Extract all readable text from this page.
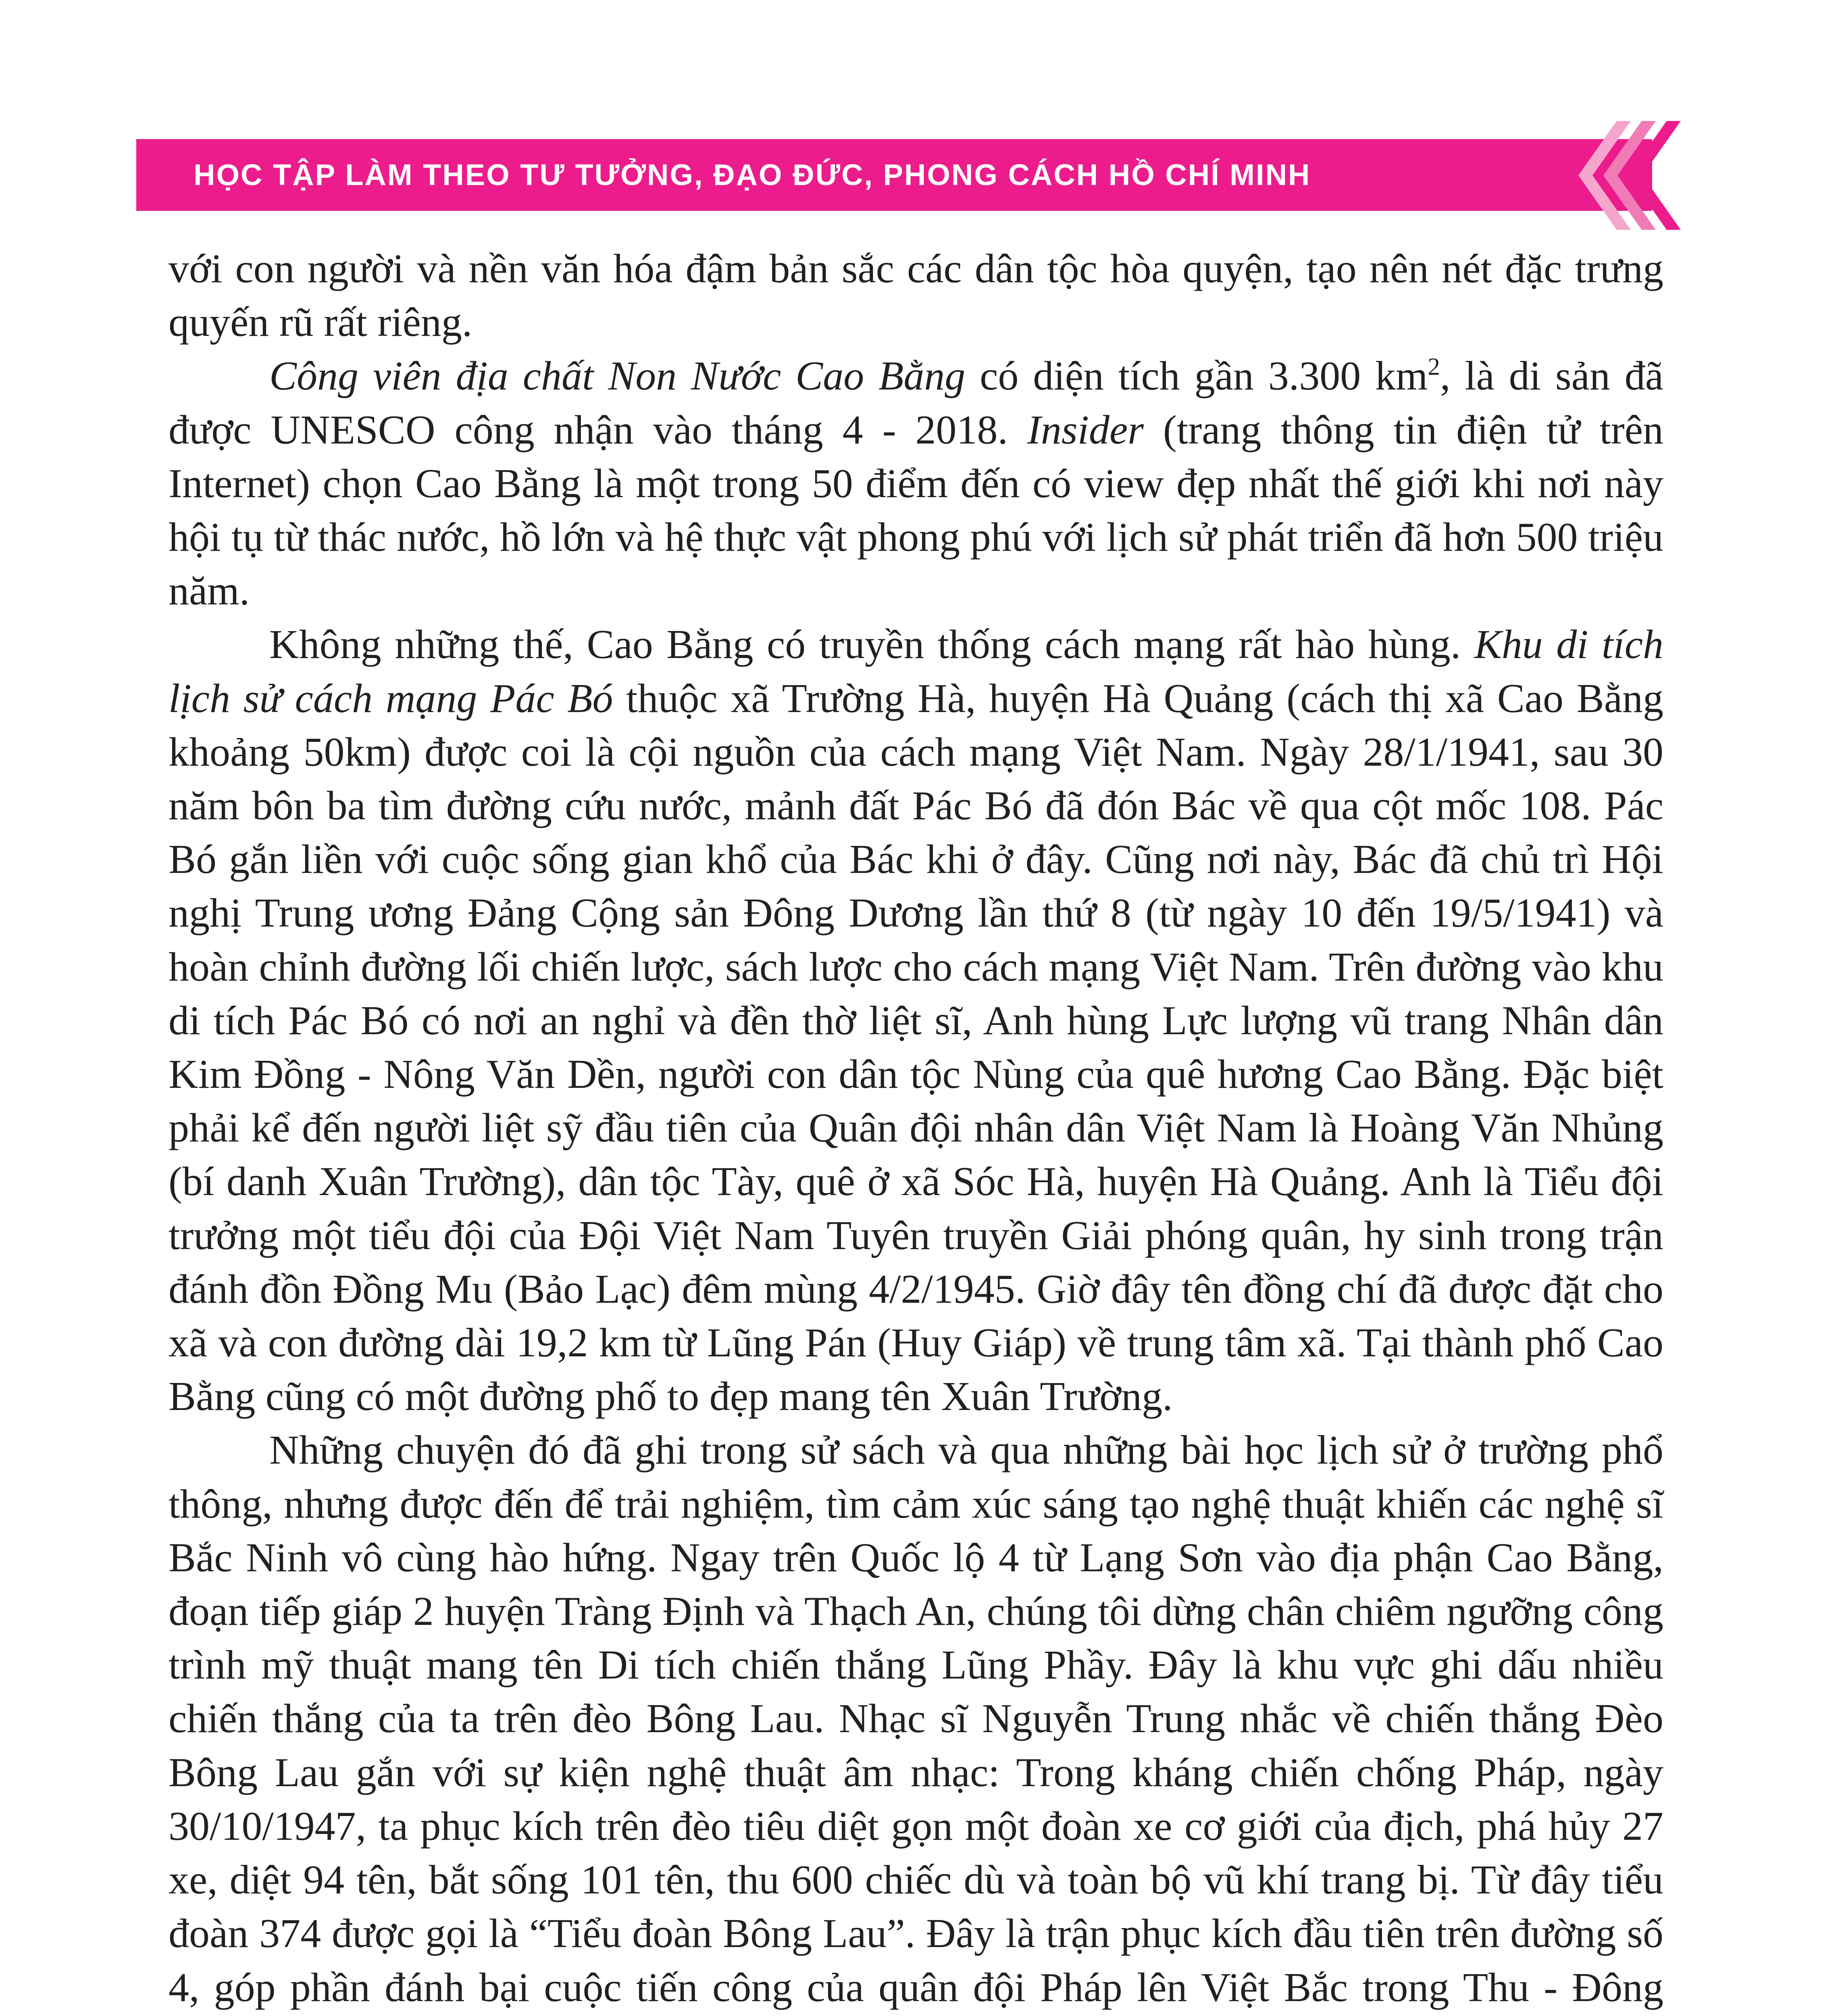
HỌC TẬP LÀM THEO TƯ TƯỞNG, ĐẠO ĐỨC, PHONG CÁCH HỒ CHÍ MINH

với con người và nền văn hóa đậm bản sắc các dân tộc hòa quyện, tạo nên nét đặc trưng quyến rũ rất riêng.

Công viên địa chất Non Nước Cao Bằng có diện tích gần 3.300 $km^2$, là di sản đã được UNESCO công nhận vào tháng 4 - 2018. Insider (trang thông tin điện tử trên Internet) chọn Cao Bằng là một trong 50 điểm đến có view đẹp nhất thế giới khi nơi này hội tụ từ thác nước, hồ lớn và hệ thực vật phong phú với lịch sử phát triển đã hơn 500 triệu năm.

Không những thế, Cao Bằng có truyền thống cách mạng rất hào hùng. Khu di tích lịch sử cách mạng Pác Bó thuộc xã Trường Hà, huyện Hà Quảng (cách thị xã Cao Bằng khoảng 50km) được coi là cội nguồn của cách mạng Việt Nam. Ngày 28/1/1941, sau 30 năm bôn ba tìm đường cứu nước, mảnh đất Pác Bó đã đón Bác về qua cột mốc 108. Pác Bó gắn liền với cuộc sống gian khổ của Bác khi ở đây. Cũng nơi này, Bác đã chủ trì Hội nghị Trung ương Đảng Cộng sản Đông Dương lần thứ 8 (từ ngày 10 đến 19/5/1941) và hoàn chỉnh đường lối chiến lược, sách lược cho cách mạng Việt Nam. Trên đường vào khu di tích Pác Bó có nơi an nghỉ và đền thờ liệt sĩ, Anh hùng Lực lượng vũ trang Nhân dân Kim Đồng - Nông Văn Dền, người con dân tộc Nùng của quê hương Cao Bằng. Đặc biệt phải kể đến người liệt sỹ đầu tiên của Quân đội nhân dân Việt Nam là Hoàng Văn Nhủng (bí danh Xuân Trường), dân tộc Tày, quê ở xã Sóc Hà, huyện Hà Quảng. Anh là Tiểu đội trưởng một tiểu đội của Đội Việt Nam Tuyên truyền Giải phóng quân, hy sinh trong trận đánh đồn Đồng Mu (Bảo Lạc) đêm mùng 4/2/1945. Giờ đây tên đồng chí đã được đặt cho xã và con đường dài 19,2 km từ Lũng Pán (Huy Giáp) về trung tâm xã. Tại thành phố Cao Bằng cũng có một đường phố to đẹp mang tên Xuân Trường.

Những chuyện đó đã ghi trong sử sách và qua những bài học lịch sử ở trường phổ thông, nhưng được đến để trải nghiệm, tìm cảm xúc sáng tạo nghệ thuật khiến các nghệ sĩ Bắc Ninh vô cùng hào hứng. Ngay trên Quốc lộ 4 từ Lạng Sơn vào địa phận Cao Bằng, đoạn tiếp giáp 2 huyện Tràng Định và Thạch An, chúng tôi dừng chân chiêm ngưỡng công trình mỹ thuật mang tên Di tích chiến thắng Lũng Phầy. Đây là khu vực ghi dấu nhiều chiến thắng của ta trên đèo Bông Lau. Nhạc sĩ Nguyễn Trung nhắc về chiến thắng Đèo Bông Lau gắn với sự kiện nghệ thuật âm nhạc: Trong kháng chiến chống Pháp, ngày 30/10/1947, ta phục kích trên đèo tiêu diệt gọn một đoàn xe cơ giới của địch, phá hủy 27 xe, diệt 94 tên, bắt sống 101 tên, thu 600 chiếc dù và toàn bộ vũ khí trang bị. Từ đây tiểu đoàn 374 được gọi là “Tiểu đoàn Bông Lau”. Đây là trận phục kích đầu tiên trên đường số 4, góp phần đánh bại cuộc tiến công của quân đội Pháp lên Việt Bắc trong Thu - Đông
